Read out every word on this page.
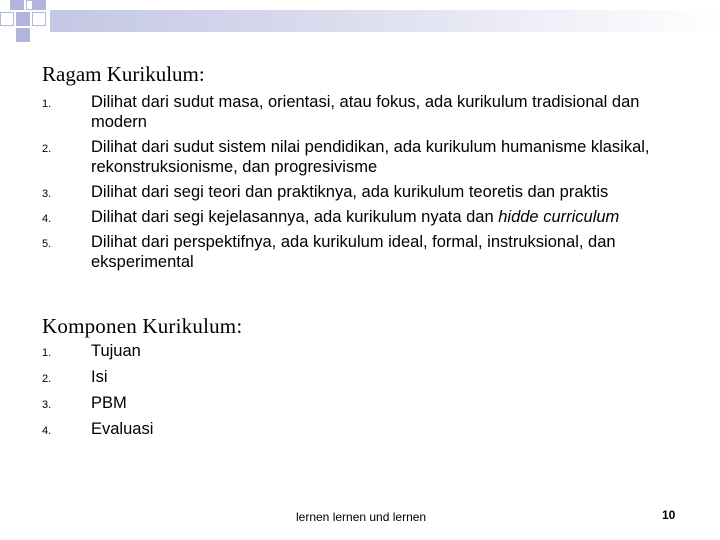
Ragam Kurikulum:
1. Dilihat dari sudut masa, orientasi, atau fokus, ada kurikulum tradisional dan modern
2. Dilihat dari sudut sistem nilai pendidikan, ada kurikulum humanisme klasikal, rekonstruksionisme, dan progresivisme
3. Dilihat dari segi teori dan praktiknya, ada kurikulum teoretis dan praktis
4. Dilihat dari segi kejelasannya, ada kurikulum nyata dan hidde curriculum
5. Dilihat dari perspektifnya, ada kurikulum ideal, formal, instruksional, dan eksperimental
Komponen Kurikulum:
1. Tujuan
2. Isi
3. PBM
4. Evaluasi
lernen lernen und lernen	10
